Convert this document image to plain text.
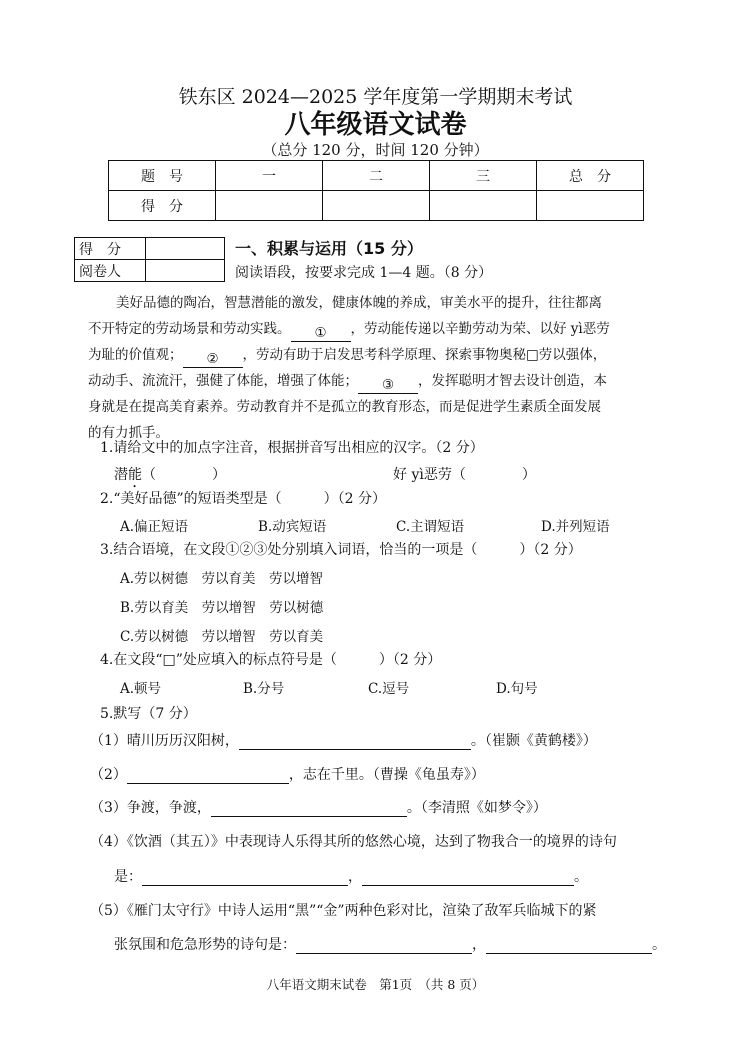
铁东区 2024—2025 学年度第一学期期末考试
八年级语文试卷
（总分 120 分，时间 120 分钟）
题　号	一	二	三	总　分
得　分				
得　分	
阅卷人	
一、积累与运用（15 分）
阅读语段，按要求完成 1—4 题。（8 分）
美好品德的陶冶，智慧潜能的激发，健康体魄的养成，审美水平的提升，往往都离
不开特定的劳动场景和劳动实践。 ① ，劳动能传递以辛勤劳动为荣、以好 yì恶劳
为耻的价值观； ② ，劳动有助于启发思考科学原理、探索事物奥秘□劳以强体，
动动手、流流汗，强健了体能，增强了体能； ③ ，发挥聪明才智去设计创造，本
身就是在提高美育素养。劳动教育并不是孤立的教育形态，而是促进学生素质全面发展
的有力抓手。
1.请给文中的加点字注音，根据拼音写出相应的汉字。（2 分）
潜能（　　　　）	好 yì恶劳（　　　　）
2.“美好品德”的短语类型是（　　　）（2 分）
A.偏正短语	B.动宾短语	C.主谓短语	D.并列短语
3.结合语境，在文段①②③处分别填入词语，恰当的一项是（　　　）（2 分）
A.劳以树德　劳以育美　劳以增智
B.劳以育美　劳以增智　劳以树德
C.劳以树德　劳以增智　劳以育美
4.在文段“□”处应填入的标点符号是（　　　）（2 分）
A.顿号	B.分号	C.逗号	D.句号
5.默写（7 分）
（1）晴川历历汉阳树，	。（崔颢《黄鹤楼》）
（2）	，志在千里。（曹操《龟虽寿》）
（3）争渡，争渡，	。（李清照《如梦令》）
（4）《饮酒（其五）》中表现诗人乐得其所的悠然心境，达到了物我合一的境界的诗句
是：	，	。
（5）《雁门太守行》中诗人运用“黑”“金”两种色彩对比，渲染了敌军兵临城下的紧
张氛围和危急形势的诗句是：	，	。
八年语文期末试卷　第1页　（共 8 页）
